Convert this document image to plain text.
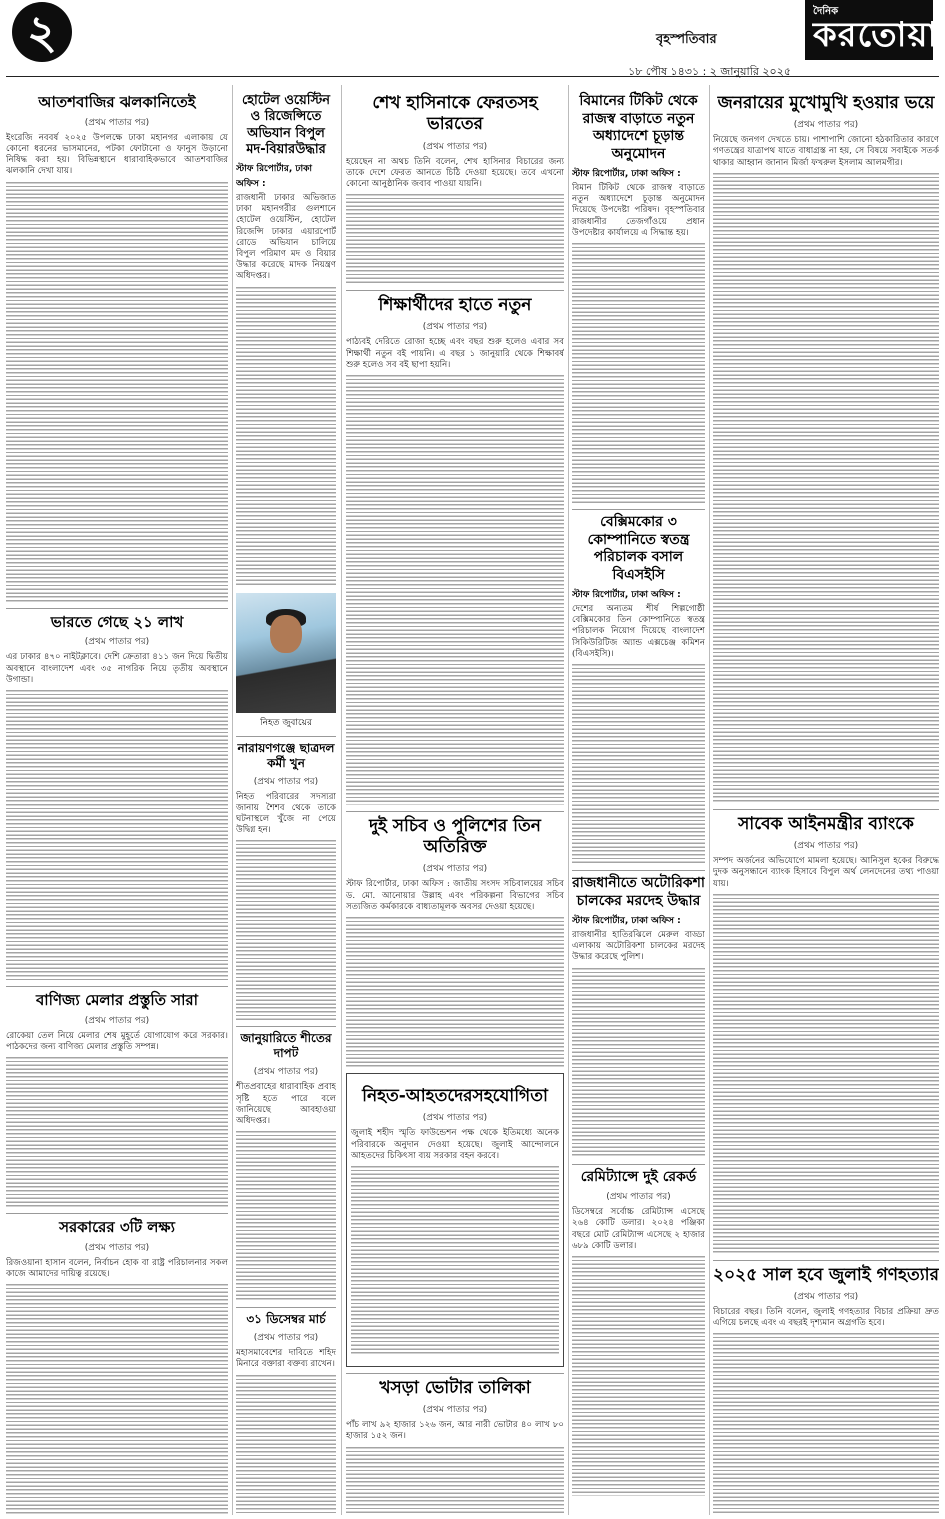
২	বৃহস্পতিবার
দৈনিক
করতোয়া
১৮ পৌষ ১৪৩১ : ২ জানুয়ারি ২০২৫
আতশবাজির ঝলকানিতেই
(প্রথম পাতার পর)

ইংরেজি নববর্ষ ২০২৫ উপলক্ষে ঢাকা মহানগর এলাকায় যে কোনো ধরনের ভাসমানের, পটকা ফোটানো ও ফানুস উড়ানো নিষিদ্ধ করা হয়। বিভিন্নস্থানে ধারাবাহিকভাবে আতশবাজির ঝলকানি দেখা যায়।

ভারতে গেছে ২১ লাখ
(প্রথম পাতার পর)

এর ঢাকার ৪৭০ নাইটক্লাবে। দেশি ক্রেতারা ৪১১ জন দিয়ে দ্বিতীয় অবস্থানে বাংলাদেশ এবং ৩৫ নাগরিক নিয়ে তৃতীয় অবস্থানে উগান্ডা।

বাণিজ্য মেলার প্রস্তুতি সারা
(প্রথম পাতার পর)

রোকেয়া তেল নিয়ে মেলার শেষ মুহূর্তে যোগাযোগ করে সরকার। পাঠকদের জন্য বাণিজ্য মেলার প্রস্তুতি সম্পন্ন।

সরকারের ৩টি লক্ষ্য
(প্রথম পাতার পর)

রিজওয়ানা হাসান বলেন, নির্বাচন হোক বা রাষ্ট্র পরিচালনার সকল কাজে আমাদের দায়িত্ব রয়েছে।

হোটেল ওয়েস্টিন ও রিজেন্সিতে অভিযান বিপুল মদ-বিয়ারউদ্ধার
স্টাফ রিপোর্টার, ঢাকা অফিস :

রাজধানী ঢাকার অভিজাত ঢাকা মহানগরীর গুলশানে হোটেল ওয়েস্টিন, হোটেল রিজেন্সি ঢাকার এয়ারপোর্ট রোডে অভিযান চালিয়ে বিপুল পরিমাণ মদ ও বিয়ার উদ্ধার করেছে মাদক নিয়ন্ত্রণ অধিদপ্তর।

নিহত জুবায়ের
নারায়ণগঞ্জে ছাত্রদল কর্মী খুন
(প্রথম পাতার পর)

নিহত পরিবারের সদস্যরা জানায় শৈশব থেকে তাকে ঘটনাস্থলে খুঁজে না পেয়ে উদ্বিগ্ন হন।

জানুয়ারিতে শীতের দাপট
(প্রথম পাতার পর)

শীতপ্রবাহের ধারাবাহিক প্রবাহ সৃষ্টি হতে পারে বলে জানিয়েছে আবহাওয়া অধিদপ্তর।

৩১ ডিসেম্বর মার্চ
(প্রথম পাতার পর)

মহাসমাবেশের দাবিতে শহিদ মিনারে বক্তারা বক্তব্য রাখেন।

শেখ হাসিনাকে ফেরতসহ ভারতের
(প্রথম পাতার পর)

হয়েছেন না অথচ তিনি বলেন, শেখ হাসিনার বিচারের জন্য তাকে দেশে ফেরত আনতে চিঠি দেওয়া হয়েছে। তবে এখনো কোনো আনুষ্ঠানিক জবাব পাওয়া যায়নি।

শিক্ষার্থীদের হাতে নতুন
(প্রথম পাতার পর)

পাঠ্যবই দেরিতে রোজা হচ্ছে এবং বছর শুরু হলেও এবার সব শিক্ষার্থী নতুন বই পায়নি। এ বছর ১ জানুয়ারি থেকে শিক্ষাবর্ষ শুরু হলেও সব বই ছাপা হয়নি।

দুই সচিব ও পুলিশের তিন অতিরিক্ত
(প্রথম পাতার পর)

স্টাফ রিপোর্টার, ঢাকা অফিস : জাতীয় সংসদ সচিবালয়ের সচিব ড. মো. আনোয়ার উল্লাহ এবং পরিকল্পনা বিভাগের সচিব সত্যজিত কর্মকারকে বাধ্যতামূলক অবসর দেওয়া হয়েছে।

নিহত-আহতদেরসহযোগিতা
(প্রথম পাতার পর)

জুলাই শহীদ স্মৃতি ফাউন্ডেশন পক্ষ থেকে ইতিমধ্যে অনেক পরিবারকে অনুদান দেওয়া হয়েছে। জুলাই আন্দোলনে আহতদের চিকিৎসা ব্যয় সরকার বহন করবে।

খসড়া ভোটার তালিকা
(প্রথম পাতার পর)

পাঁচ লাখ ৯২ হাজার ১২৬ জন, আর নারী ভোটার ৪০ লাখ ৮০ হাজার ১৫২ জন।

বিমানের টিকিট থেকে রাজস্ব বাড়াতে নতুন অধ্যাদেশে চূড়ান্ত অনুমোদন
স্টাফ রিপোর্টার, ঢাকা অফিস :

বিমান টিকিট থেকে রাজস্ব বাড়াতে নতুন অধ্যাদেশে চূড়ান্ত অনুমোদন দিয়েছে উপদেষ্টা পরিষদ। বৃহস্পতিবার রাজধানীর তেজগাঁওয়ে প্রধান উপদেষ্টার কার্যালয়ে এ সিদ্ধান্ত হয়।

বেক্সিমকোর ৩ কোম্পানিতে স্বতন্ত্র পরিচালক বসাল বিএসইসি
স্টাফ রিপোর্টার, ঢাকা অফিস :

দেশের অন্যতম শীর্ষ শিল্পগোষ্ঠী বেক্সিমকোর তিন কোম্পানিতে স্বতন্ত্র পরিচালক নিয়োগ দিয়েছে বাংলাদেশ সিকিউরিটিজ অ্যান্ড এক্সচেঞ্জ কমিশন (বিএসইসি)।

রাজধানীতে অটোরিকশা চালকের মরদেহ উদ্ধার
স্টাফ রিপোর্টার, ঢাকা অফিস :

রাজধানীর হাতিরঝিলে মেরুল বাড্ডা এলাকায় অটোরিকশা চালকের মরদেহ উদ্ধার করেছে পুলিশ।

রেমিট্যান্সে দুই রেকর্ড
(প্রথম পাতার পর)

ডিসেম্বরে সর্বোচ্চ রেমিট্যান্স এসেছে ২৬৪ কোটি ডলার। ২০২৪ পঞ্জিকা বছরে মোট রেমিট্যান্স এসেছে ২ হাজার ৬৮৯ কোটি ডলার।

জনরায়ের মুখোমুখি হওয়ার ভয়ে
(প্রথম পাতার পর)

নিয়েছে জনগণ দেখতে চায়। পাশাপাশি জোনো হঠকারিতার কারণে গণতন্ত্রের যাত্রাপথ যাতে বাধাগ্রস্ত না হয়, সে বিষয়ে সবাইকে সতর্ক থাকার আহ্বান জানান মির্জা ফখরুল ইসলাম আলমগীর।

সাবেক আইনমন্ত্রীর ব্যাংকে
(প্রথম পাতার পর)

সম্পদ অর্জনের অভিযোগে মামলা হয়েছে। আনিসুল হকের বিরুদ্ধে দুদক অনুসন্ধানে ব্যাংক হিসাবে বিপুল অর্থ লেনদেনের তথ্য পাওয়া যায়।

২০২৫ সাল হবে জুলাই গণহত্যার
(প্রথম পাতার পর)

বিচারের বছর। তিনি বলেন, জুলাই গণহত্যার বিচার প্রক্রিয়া দ্রুত এগিয়ে চলছে এবং এ বছরই দৃশ্যমান অগ্রগতি হবে।
